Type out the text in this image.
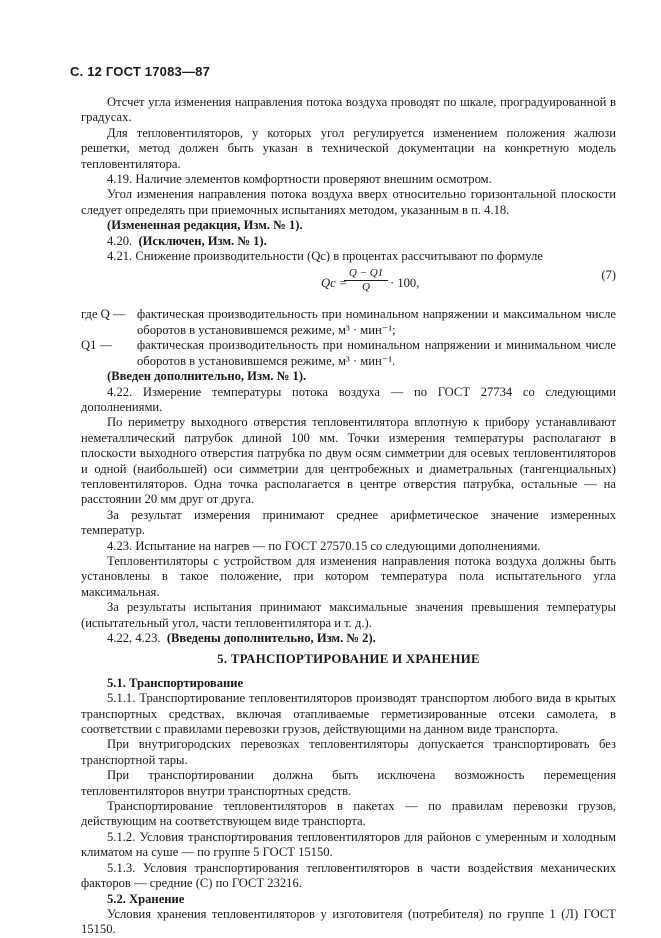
С. 12 ГОСТ 17083—87

Отсчет угла изменения направления потока воздуха проводят по шкале, проградуированной в градусах.

Для тепловентиляторов, у которых угол регулируется изменением положения жалюзи решетки, метод должен быть указан в технической документации на конкретную модель тепловентилятора.

4.19. Наличие элементов комфортности проверяют внешним осмотром.

Угол изменения направления потока воздуха вверх относительно горизонтальной плоскости следует определять при приемочных испытаниях методом, указанным в п. 4.18.

(Измененная редакция, Изм. № 1).

4.20. (Исключен, Изм. № 1).

4.21. Снижение производительности (Qc) в процентах рассчитывают по формуле

Qc =
$\frac{Q - Q1}{Q} \cdot 100$,
(7)
где Q — фактическая производительность при номинальном напряжении и максимальном числе оборотов в установившемся режиме, м³ · мин⁻¹;

Q1 — фактическая производительность при номинальном напряжении и минимальном числе оборотов в установившемся режиме, м³ · мин⁻¹.

(Введен дополнительно, Изм. № 1).

4.22. Измерение температуры потока воздуха — по ГОСТ 27734 со следующими дополнениями.

По периметру выходного отверстия тепловентилятора вплотную к прибору устанавливают неметаллический патрубок длиной 100 мм. Точки измерения температуры располагают в плоскости выходного отверстия патрубка по двум осям симметрии для осевых тепловентиляторов и одной (наибольшей) оси симметрии для центробежных и диаметральных (тангенциальных) тепловентиляторов. Одна точка располагается в центре отверстия патрубка, остальные — на расстоянии 20 мм друг от друга.

За результат измерения принимают среднее арифметическое значение измеренных температур.

4.23. Испытание на нагрев — по ГОСТ 27570.15 со следующими дополнениями.

Тепловентиляторы с устройством для изменения направления потока воздуха должны быть установлены в такое положение, при котором температура пола испытательного угла максимальная.

За результаты испытания принимают максимальные значения превышения температуры (испытательный угол, части тепловентилятора и т. д.).

4.22, 4.23. (Введены дополнительно, Изм. № 2).

5. ТРАНСПОРТИРОВАНИЕ И ХРАНЕНИЕ

5.1. Транспортирование

5.1.1. Транспортирование тепловентиляторов производят транспортом любого вида в крытых транспортных средствах, включая отапливаемые герметизированные отсеки самолета, в соответствии с правилами перевозки грузов, действующими на данном виде транспорта.

При внутригородских перевозках тепловентиляторы допускается транспортировать без транспортной тары.

При транспортировании должна быть исключена возможность перемещения тепловентиляторов внутри транспортных средств.

Транспортирование тепловентиляторов в пакетах — по правилам перевозки грузов, действующим на соответствующем виде транспорта.

5.1.2. Условия транспортирования тепловентиляторов для районов с умеренным и холодным климатом на суше — по группе 5 ГОСТ 15150.

5.1.3. Условия транспортирования тепловентиляторов в части воздействия механических факторов — средние (С) по ГОСТ 23216.

5.2. Хранение

Условия хранения тепловентиляторов у изготовителя (потребителя) по группе 1 (Л) ГОСТ 15150.
